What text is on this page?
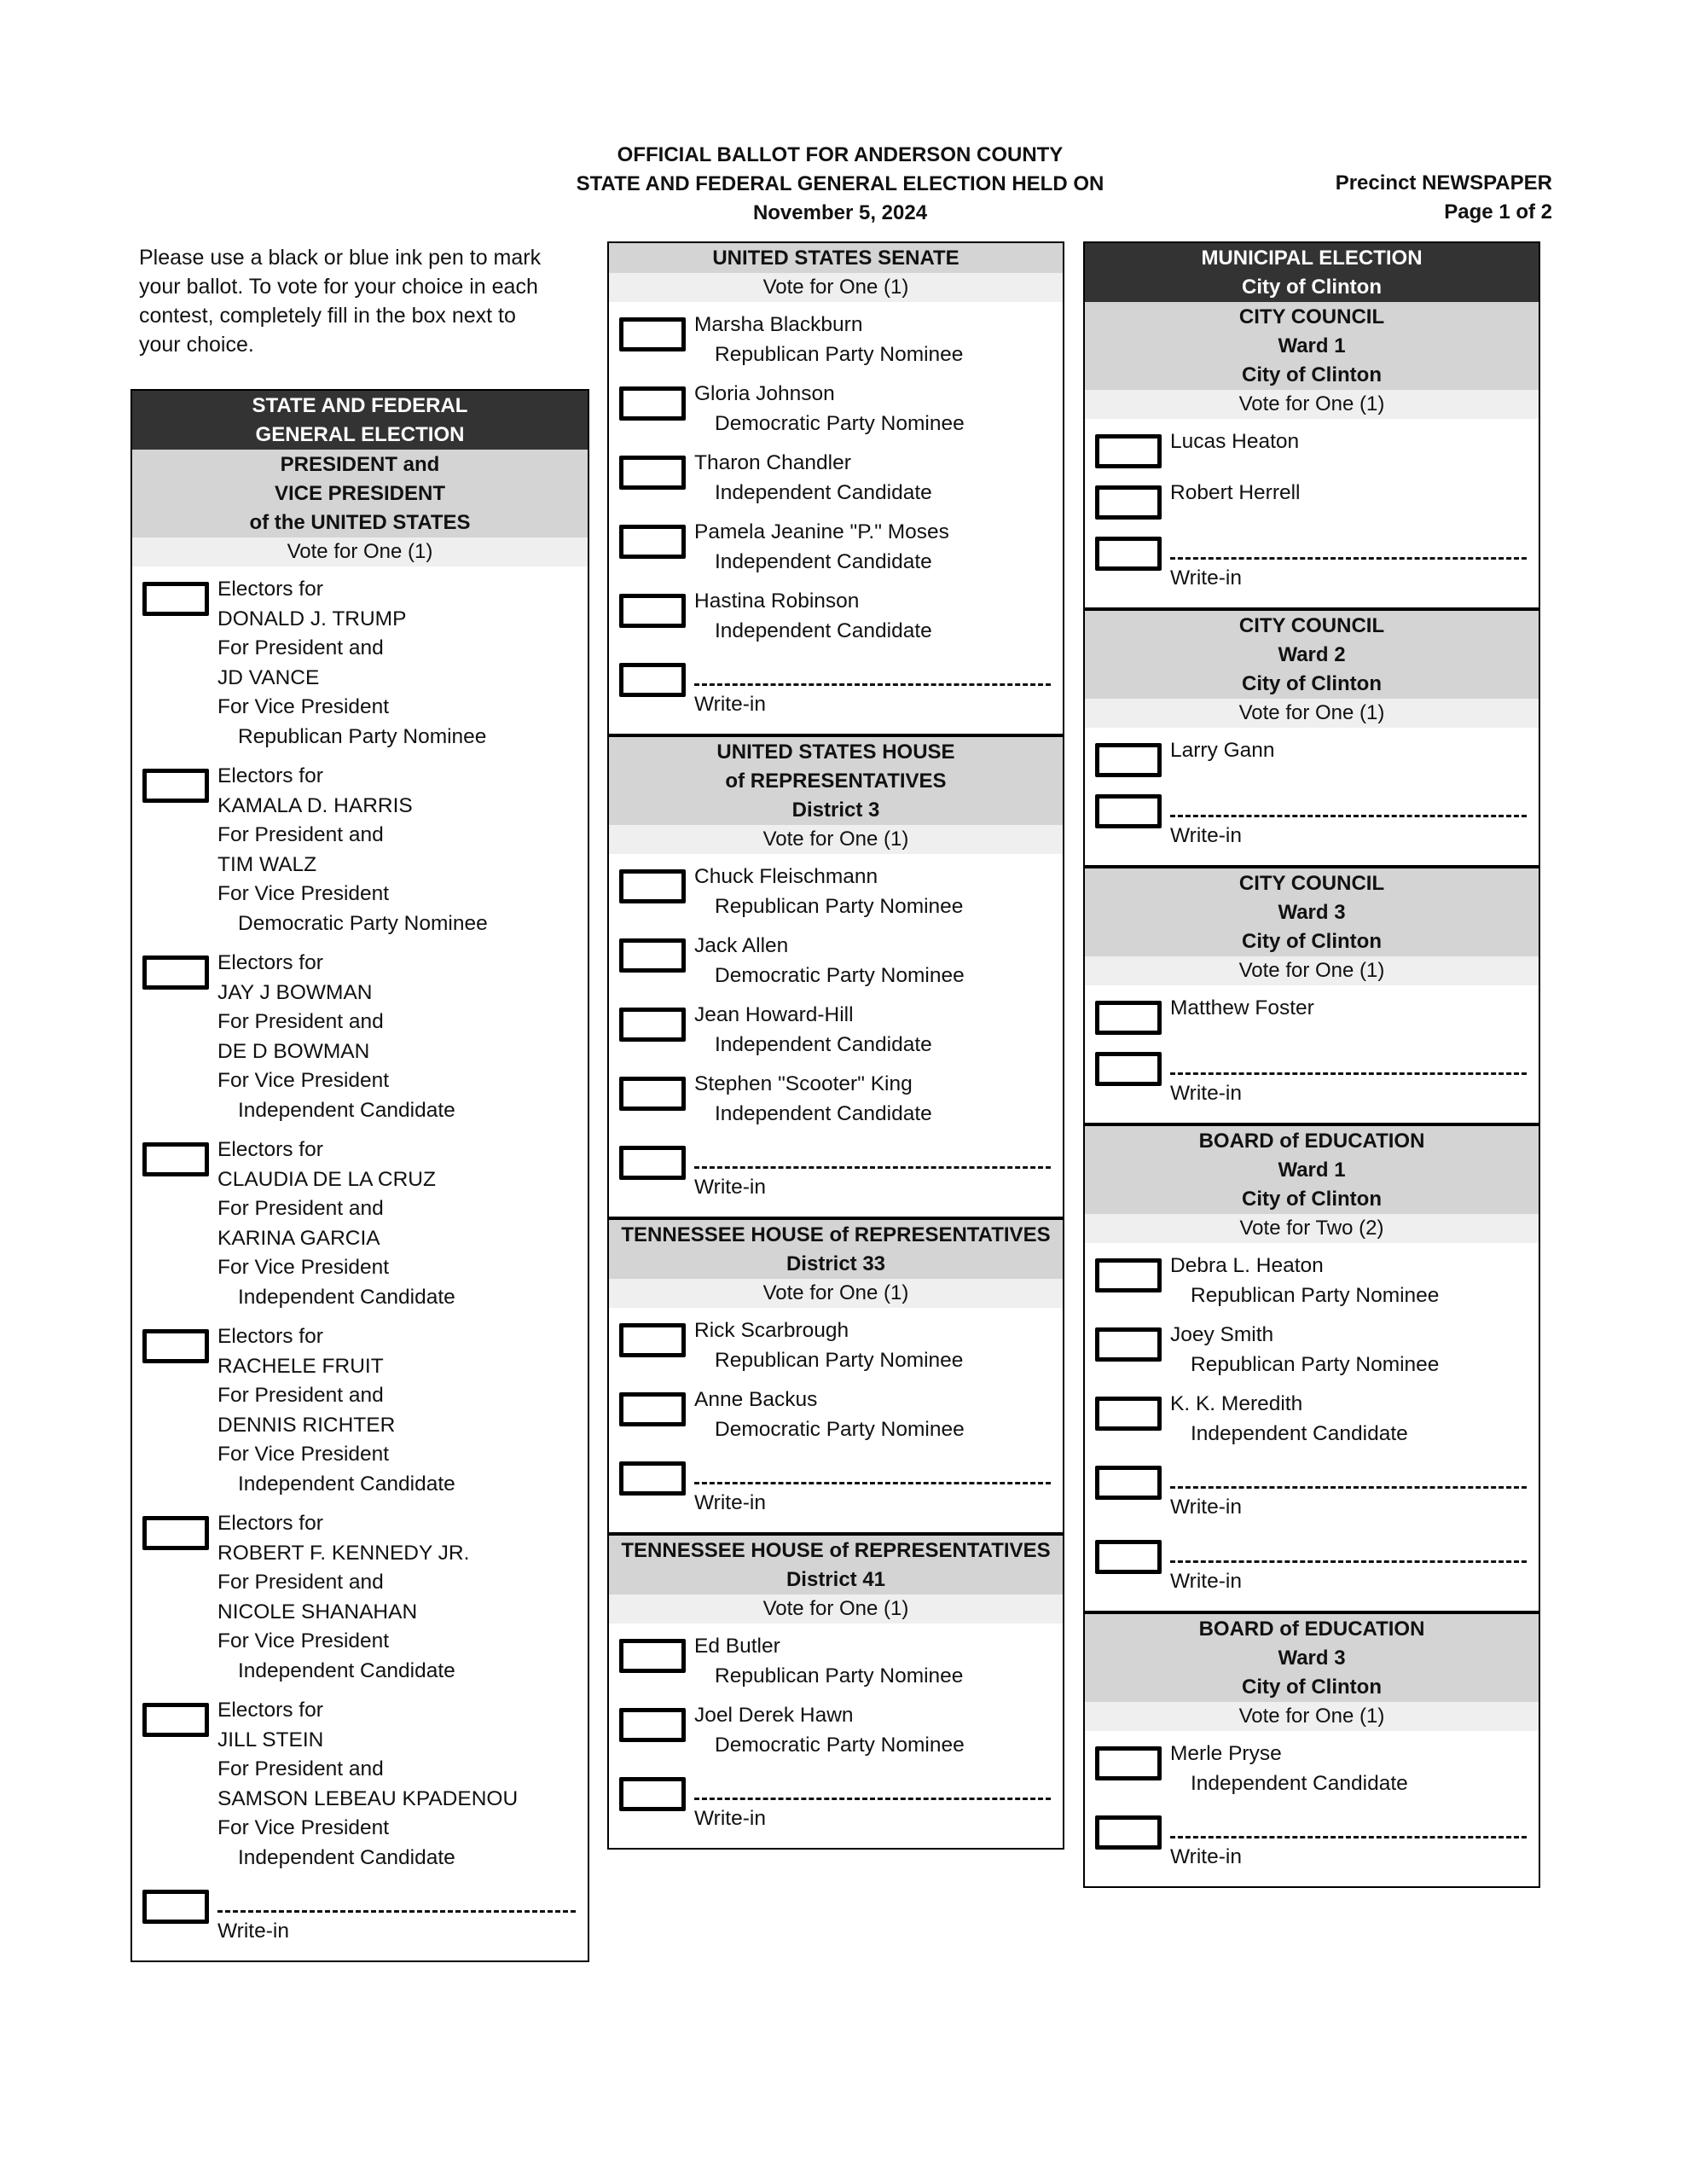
OFFICIAL BALLOT FOR ANDERSON COUNTY
STATE AND FEDERAL GENERAL ELECTION HELD ON
November 5, 2024
Precinct NEWSPAPER
Page 1 of 2
Please use a black or blue ink pen to mark
your ballot. To vote for your choice in each
contest, completely fill in the box next to
your choice.
STATE AND FEDERAL
GENERAL ELECTION
PRESIDENT and
VICE PRESIDENT
of the UNITED STATES
Vote for One (1)
Electors for
DONALD J. TRUMP
For President and
JD VANCE
For Vice President
Republican Party Nominee
Electors for
KAMALA D. HARRIS
For President and
TIM WALZ
For Vice President
Democratic Party Nominee
Electors for
JAY J BOWMAN
For President and
DE D BOWMAN
For Vice President
Independent Candidate
Electors for
CLAUDIA DE LA CRUZ
For President and
KARINA GARCIA
For Vice President
Independent Candidate
Electors for
RACHELE FRUIT
For President and
DENNIS RICHTER
For Vice President
Independent Candidate
Electors for
ROBERT F. KENNEDY JR.
For President and
NICOLE SHANAHAN
For Vice President
Independent Candidate
Electors for
JILL STEIN
For President and
SAMSON LEBEAU KPADENOU
For Vice President
Independent Candidate
Write-in
UNITED STATES SENATE
Vote for One (1)
Marsha Blackburn
Republican Party Nominee
Gloria Johnson
Democratic Party Nominee
Tharon Chandler
Independent Candidate
Pamela Jeanine "P." Moses
Independent Candidate
Hastina Robinson
Independent Candidate
Write-in
UNITED STATES HOUSE
of REPRESENTATIVES
District 3
Vote for One (1)
Chuck Fleischmann
Republican Party Nominee
Jack Allen
Democratic Party Nominee
Jean Howard-Hill
Independent Candidate
Stephen "Scooter" King
Independent Candidate
Write-in
TENNESSEE HOUSE of REPRESENTATIVES
District 33
Vote for One (1)
Rick Scarbrough
Republican Party Nominee
Anne Backus
Democratic Party Nominee
Write-in
TENNESSEE HOUSE of REPRESENTATIVES
District 41
Vote for One (1)
Ed Butler
Republican Party Nominee
Joel Derek Hawn
Democratic Party Nominee
Write-in
MUNICIPAL ELECTION
City of Clinton
CITY COUNCIL
Ward 1
City of Clinton
Vote for One (1)
Lucas Heaton
Robert Herrell
Write-in
CITY COUNCIL
Ward 2
City of Clinton
Vote for One (1)
Larry Gann
Write-in
CITY COUNCIL
Ward 3
City of Clinton
Vote for One (1)
Matthew Foster
Write-in
BOARD of EDUCATION
Ward 1
City of Clinton
Vote for Two (2)
Debra L. Heaton
Republican Party Nominee
Joey Smith
Republican Party Nominee
K. K. Meredith
Independent Candidate
Write-in
Write-in
BOARD of EDUCATION
Ward 3
City of Clinton
Vote for One (1)
Merle Pryse
Independent Candidate
Write-in
